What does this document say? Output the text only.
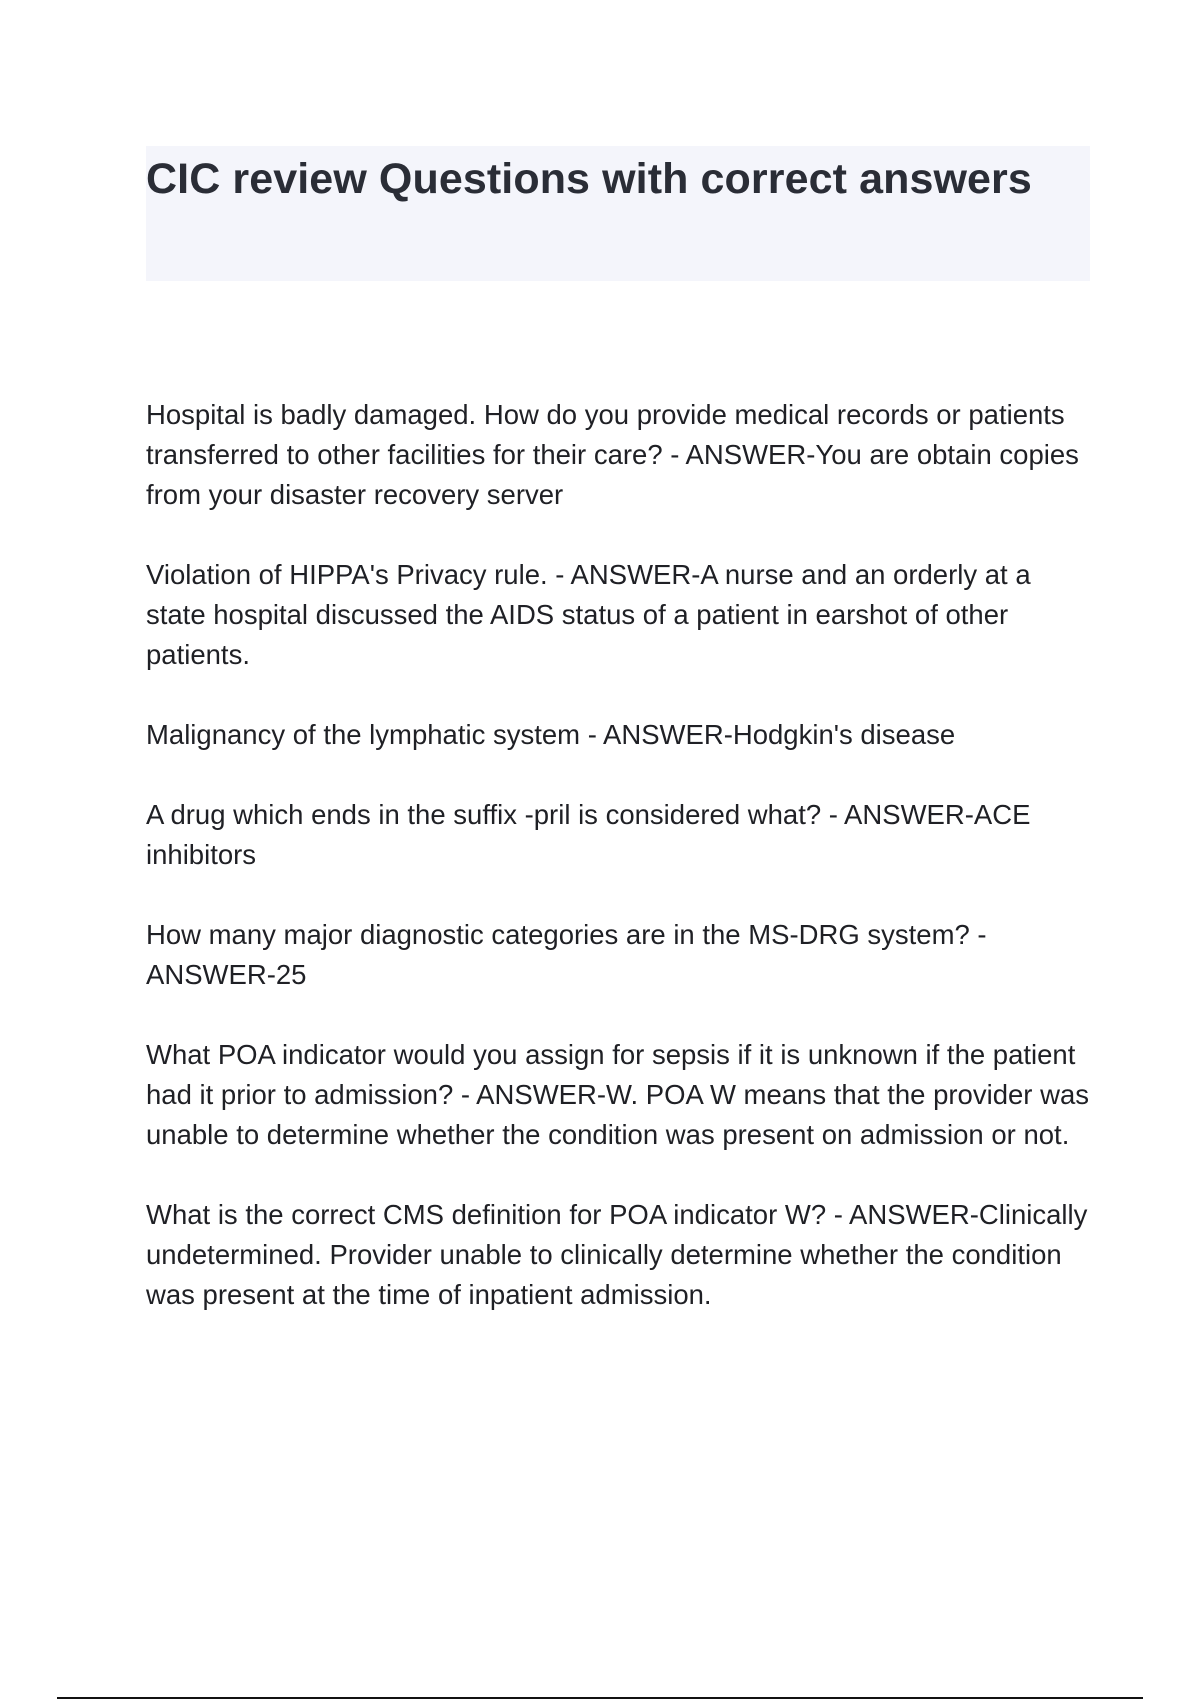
CIC review Questions with correct answers

Hospital is badly damaged. How do you provide medical records or patients transferred to other facilities for their care? - ANSWER-You are obtain copies from your disaster recovery server

Violation of HIPPA's Privacy rule. - ANSWER-A nurse and an orderly at a state hospital discussed the AIDS status of a patient in earshot of other patients.

Malignancy of the lymphatic system - ANSWER-Hodgkin's disease

A drug which ends in the suffix -pril is considered what? - ANSWER-ACE inhibitors

How many major diagnostic categories are in the MS-DRG system? - ANSWER-25

What POA indicator would you assign for sepsis if it is unknown if the patient had it prior to admission? - ANSWER-W. POA W means that the provider was unable to determine whether the condition was present on admission or not.

What is the correct CMS definition for POA indicator W? - ANSWER-Clinically undetermined. Provider unable to clinically determine whether the condition was present at the time of inpatient admission.
